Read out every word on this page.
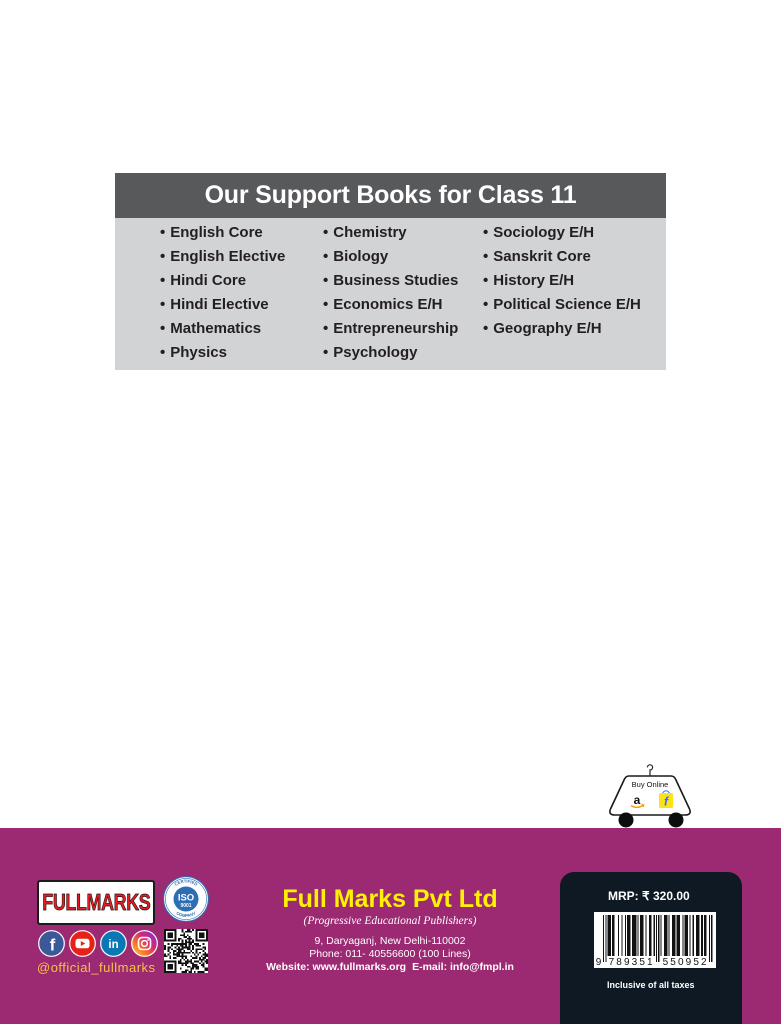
Our Support Books for Class 11
• English Core
• English Elective
• Hindi Core
• Hindi Elective
• Mathematics
• Physics
• Chemistry
• Biology
• Business Studies
• Economics E/H
• Entrepreneurship
• Psychology
• Sociology E/H
• Sanskrit Core
• History E/H
• Political Science E/H
• Geography E/H
Buy Online
a f
FULLMARKS
CERTIFIED
COMPANY
ISO
9001
f	in
@official_fullmarks
Full Marks Pvt Ltd
(Progressive Educational Publishers)
9, Daryaganj, New Delhi-110002
Phone: 011- 40556600 (100 Lines)
Website: www.fullmarks.org E-mail: info@fmpl.in
MRP: ₹ 320.00
9 789351 550952
Inclusive of all taxes
